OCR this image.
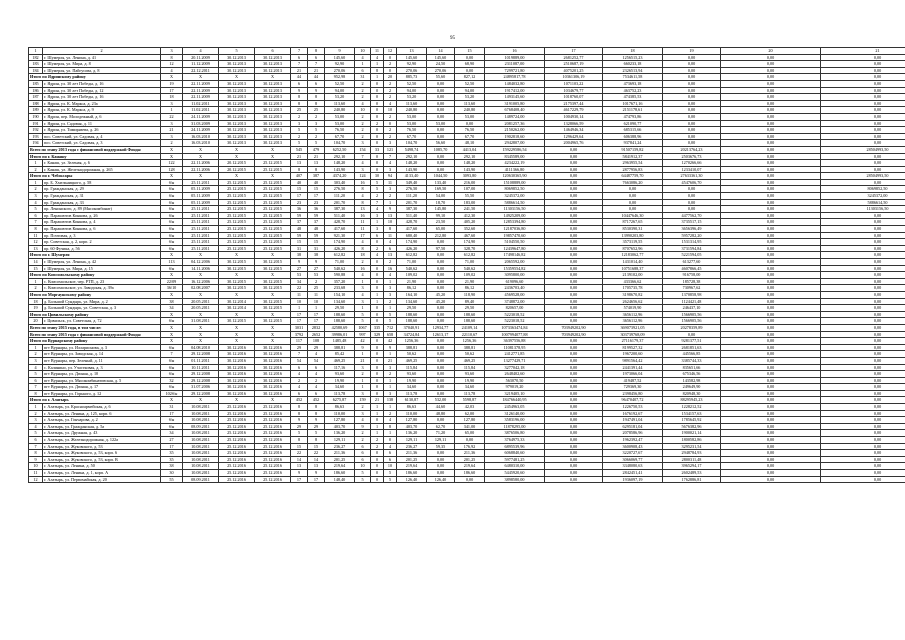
95
1	2	3	4	5	6	7	8	9	10	11	12	13	14	15	16	17	18	19	20	21
182	г. Шумерля, ул. Ленина, д. 41	8	20.11.2009	30.12.2013	30.12.2013	6	6	145,60	4	4	0	145,60	145,60	0,00	1019889,00	2681252,77	1256515,23	0,00	0,00	0,00
183	г. Шумерля, ул. Мира, д. 8	12	11.12.2009	30.12.2013	30.12.2013	7	7	92,90	1	1	2	92,90	24,50	68,90	2311087,00	2510687,19	660233,18	0,00	0,00	0,00
184	г. Шумерля, ул. Пайгусова, д. 8	4	22.12.2011	30.12.2013	30.12.2013	21	21	270,06	6	8	0	270,06	270,06	0,00	7299721,80	4075201,25	2326513,94	0,00	0,00	0,00
Итого по Ядринскому району		X	X	X	X	44	44	952,98	31	1	20	885,73	55,60	827,12	24895817,78	10361306,19	7534611,58	0,00	0,00	0,00
185	г. Ядрин, ул. 30 лет Победы, д. 16	19	22.11.2009	30.12.2013	30.12.2013	6	6	52,50	2	0	2	52,50	0,00	52,50	1484032,80	1071103,22	473693,18	0,00	0,00	0,00
186	г. Ядрин, ул. 30 лет Победы, д. 12	17	22.11.2009	30.12.2013	30.12.2013	9	9	94,00	2	0	2	94,00	0,00	94,00	1917412,00	1034679,77	463752,23	0,00	0,00	0,00
187	г. Ядрин, ул. 30 лет Победы, д. 16	18	22.11.2009	30.12.2013	30.12.2013	8	8	53,20	2	0	2	53,20	0,00	53,20	1493145,60	1018760,07	474385,53	0,00	0,00	0,00
188	г. Ядрин, ул. К. Маркса, д. 23а	3	11.02.2011	30.12.2013	30.12.2013	8	8	113,60	4	0	4	113,60	0,00	113,60	3191005,80	2175397,44	1017671,16	0,00	0,00	0,00
189	г. Ядрин, ул. К. Маркса, д. 9	1	11.02.2011	30.12.2013	30.12.2013	25	25	240,80	10	0	10	240,80	0,00	240,80	6768408,40	4617229,79	2151178,61	0,00	0,00	0,00
190	г. Ядрин, пер. Молодежный, д. 6	22	24.11.2009	30.12.2013	30.12.2013	2	2	53,00	2	0	2	53,00	0,00	53,00	1489724,00	1004930,14	474793,86	0,00	0,00	0,00
191	г. Ядрин, ул. Садовая, д. 11	3	31.03.2009	30.12.2013	30.12.2013	3	3	53,00	2	2	0	53,00	53,00	0,00	2081257,36	1328066,59	621090,77	0,00	0,00	0,00
192	г. Ядрин, ул. Тимирязева, д. 26	21	24.11.2009	30.12.2013	30.12.2013	5	5	76,50	2	0	2	76,50	0,00	76,50	2150262,00	1464946,34	685315,66	0,00	0,00	0,00
193	пос. Советский, ул. Садовая, д. 4	3	16.03.2010	30.12.2013	30.12.2013	2	2	67,70	2	0	2	67,70	0,00	67,70	1902818,60	1296429,64	606388,96	0,00	0,00	0,00
194	пос. Советский, ул. Садовая, д. 3	2	16.03.2010	30.12.2013	30.12.2013	5	5	104,70	3	0	3	104,70	56,60	48,10	2942807,00	2004965,76	937841,24	0,00	0,00	0,00
Всего по этапу 2013 года с финансовой поддержкой Фонда:		X	X	X	X	545	479	6252,50	154	33	121	5498,74	1085,70	4413,04	159229586,54	0,00	91507159,82	20213764,23	0,00	28504993,50
Итого по г. Канашу		X	X	X	X	21	21	292,10	7	0	7	292,10	0,00	292,10	8345589,00	0,00	5841912,37	2503676,73	0,00	0,00
1	г. Канаш, ул. Зеленая, д. 6	122	22.11.2006	20.12.2015	25.12.2015	13	13	148,20	4	0	4	148,20	0,00	148,20	4234222,19	0,00	2963955,54	1270266,66	0,00	0,00
2	г. Канаш, ул. Железнодорожная, д. 265	128	22.11.2006	20.12.2015	25.12.2015	8	8	143,90	3	0	3	143,90	0,00	143,90	4111366,80	0,00	2877956,83	1233410,07	0,00	0,00
Итого по г. Чебоксары		X	X	X	X	407	387	4374,20	124	30	94	4133,40	1044,50	3093,80	120630365,90	0,00	64487759,70	27633361,30	0,00	28504993,50
1	пр. Б. Хмельницкого, д. 58	б/н	25.11.2011	25.12.2015	25.12.2015	40	40	303,40	16	5	11	349,40	133,40	216,00	15108889,00	0,00	7663086,20	4547606,70	0,00	0,00
2	пр. Гражданская, д. 29	б/н	05.11.2009	25.12.2015	25.12.2015	15	15	276,50	8	5	3	276,50	169,50	107,00	8069852,50	0,00	0,00	0,00	0,00	8069852,50
3	пр. Гражданская, д. 31	б/н	05.11.2009	25.12.2015	25.12.2015	17	17	111,20	4	2	2	111,20	54,00	55,50	3245372,00	0,00	0,00	0,00	0,00	3245372,00
4	пр. Гражданская, д. 33	б/н	05.11.2009	25.12.2015	25.12.2015	23	23	201,70	8	7	1	201,70	18,70	183,00	5886614,50	0,00	0,00	0,00	0,00	5886614,50
5	пр. Ленинского, д. 89 (Мясокомбинат)	б/н	25.11.2011	25.12.2015	25.12.2015	36	36	387,30	13	4	9	387,30	145,80	241,50	11303156,50	0,00	0,00	0,00	0,00	11303156,50
6	пр. Парашютов Конкова, д. 26	б/н	25.11.2011	25.12.2015	25.12.2015	59	59	511,40	16	3	13	511,40	99,10	412,30	14925209,00	0,00	10447646,30	4477562,70	0,00	0,00
7	пр. Парашютов Конкова, д. 4	б/н	25.11.2011	25.12.2015	25.12.2015	37	37	428,70	11	1	10	428,70	23,50	405,20	12853394,80	0,00	8717267,65	3735517,15	0,00	0,00
8	пр. Парашютов Конкова, д. 6	б/н	25.11.2011	25.12.2015	25.12.2015	48	48	417,60	11	3	8	417,60	65,00	352,60	12187036,80	0,00	8530390,31	3656396,49	0,00	0,00
11	пр. Почтовая, д. 3	б/н	25.11.2011	25.12.2015	25.12.2015	59	59	921,30	17	6	11	680,40	212,80	467,60	19857470,60	0,00	13990203,80	5957282,20	0,00	0,00
12	пр. Советская, д. 2, корп. 2	б/н	25.11.2011	25.12.2015	25.12.2015	15	15	174,90	4	0	4	174,90	0,00	174,90	5104550,50	0,00	3573119,55	1531314,95	0,00	0,00
13	пр. 60 Фучика, д. 56	б/н	25.11.2011	25.12.2015	25.12.2015	31	31	426,20	8	2	6	426,20	97,50	328,70	12439647,80	0,00	8707652,96	3731594,84	0,00	0,00
Итого по г. Шумерля		X	X	X	X	38	38	612,82	18	4	13	612,82	0,00	612,82	17498146,82	0,00	12183062,77	5221594,05	0,00	0,00
14	г. Шумерля, ул. Ленина, д. 42	113	04.12.2006	30.12.2015	30.12.2015	9	9	71,00	2	0	2	71,00	0,00	71,00	2065592,00	0,00	1431014,40	613277,60	0,00	0,00
15	г. Шумерля, ул. Мира, д. 15	б/н	14.11.2006	30.12.2015	30.12.2015	27	27	540,62	16	0	16	540,62	0,00	540,62	15359554,82	0,00	10751688,37	4607866,45	0,00	0,00
Итого по Комсомольскому району		X	X	X	X	53	53	590,88	4	0	4	109,02	0,00	109,02	3095800,00	0,00	2139102,00	916758,00	0,00	0,00
1	с. Комсомольское, чер. РТП, д. 23	22/09	16.12.2006	30.12.2015	30.12.2015	34	2	357,20	1	0	1	21,90	0,00	21,90	619096,60	0,00	433366,62	185728,38	0,00	0,00
2	с. Комсомольское, ул. Заводская, д. 39а	36/10	02.08.2007	30.12.2015	30.12.2015	22	25	233,68	3	0	3	86,12	0,00	86,12	2436703,40	0,00	1705735,78	730967,62	0,00	0,00
Итого по Моргаушскому району		X	X	X	X	11	11	154,10	4	1	3	164,10	45,20	118,90	4569528,00	0,00	3198670,82	1370858,98	0,00	0,00
18	д. Большой Сундырь, ул. Мира, д. 2	38	20.05.2011	30.12.2014	30.12.2015	10	10	134,60	3	1	2	134,60	45,20	89,40	3748872,00	0,00	2624656,62	1124421,48	0,00	0,00
19	д. Большой Сундырь, ул. Советская, д. 3	34	20.05.2011	30.12.2014	30.12.2015	1	1	29,50	1	0	1	29,50	0,00	29,50	820657,00	0,00	574019,90	246437,10	0,00	0,00
Итого по Цивильскому району		X	X	X	X	17	17	188,60	5	0	5	188,60	0,00	188,60	5223018,52	0,00	3656112,96	1566905,56	0,00	0,00
20	г. Цивильск, ул. Советская, д. 72	б/н	31.08.2011	30.12.2015	30.12.2015	17	17	188,60	5	0	5	188,60	0,00	188,60	5223018,52	0,00	3656112,96	1566905,56	0,00	0,00
Всего по этапу 2015 года, в том числе:		X	X	X	X	3031	2832	42580,69	1067	335	712	37040,91	12934,77	24109,14	1073363474,84	703949202,90	369073921,05	20278359,89	0,00	0,00
Всего по этапу 2015 года с финансовой поддержкой Фонда:		X	X	X	X	3792	2652	39986,01	997	329	658	34724,84	12613,17	22110,67	1007994077,88	703949202,90	303739768,09	0,00	0,00	0,00
Итого по Вурнарскому району		X	X	X	X	117	108	1485,48	42	0	42	1256,36	0,00	1256,36	36397556,88	0,00	27116179,37	9281377,51	0,00	0,00
1	пгт Вурнары, ул. Илларионова, д. 3	б/н	04.08.2010	30.12.2016	30.12.2016	29	29	388,81	9	0	9	388,81	0,00	388,81	11081378,95	0,00	8199527,32	2681851,63	0,00	0,00
2	пгт Вурнары, ул. Заводская, д. 14	7	29.12.2008	30.12.2016	30.12.2016	7	4	85,42	1	0	1	50,62	0,00	50,62	2412771,85	0,00	1967200,60	445566,85	0,00	0,00
3	пгт Вурнары, пер. Зеленый, д. 11	б/н	01.11.2011	30.12.2016	30.12.2016	54	54	469,25	21	0	21	469,25	0,00	469,25	13277429,71	0,00	9891564,42	3385744,33	0,00	0,00
4	с. Калинино, ул. Участковая, д. 3	б/н	10.11.2011	30.12.2016	30.12.2016	6	6	117,16	3	0	3	115,84	0,00	115,84	3277042,18	0,00	2441391,44	835651,66	0,00	0,00
5	пгт Вурнары, ул. Дачная, д. 10	б/н	29.12.2008	30.12.2016	30.12.2016	4	4	93,60	2	0	2	93,60	0,00	93,60	2648402,60	0,00	1973066,04	675346,56	0,00	0,00
6	пгт Вурнары, ул. Мясокомбинатовская, д. 5	32	29.12.2008	30.12.2016	30.12.2016	2	2	19,90	1	0	1	19,90	0,00	19,90	563070,50	0,00	419487,52	143582,98	0,00	0,00
7	пгт Вурнары, ул. Дачная, д. 17	б/н	31.07.2006	30.12.2016	30.12.2016	4	4	34,60	1	0	1	34,60	0,00	34,60	979019,20	0,00	729369,30	249649,90	0,00	0,00
8	пгт Вурнары, ул. Горького, д. 12	102б/н	29.12.2008	30.12.2016	30.12.2016	6	6	113,78	3	0	3	113,78	0,00	113,78	3219405,10	0,00	2398456,80	820948,30	0,00	0,00
Итого по г. Алатырь		X	X	X	X	452	452	6275,87	159	21	138	6130,87	532,00	5598,87	184766440,95	0,00	96470407,72	88295945,23	0,00	0,00
1	г. Алатырь, ул. Красноармейская, д. 6	31	10.08.2011	25.12.2016	25.12.2016	8	8	86,63	2	1	1	86,63	44,60	42,03	2454963,05	0,00	1226750,53	1228212,52	0,00	0,00
2	г. Алатырь, ул. Ленина, д. 125, корп. 6	17	10.08.2011	25.12.2016	25.12.2016	8	8	110,00	3	1	2	110,00	48,80	62,00	3126140,00	0,00	1676192,67	1534157,63	0,00	0,00
3	г. Алатырь, ул. Гончарова, д. 2	б/н	10.08.2011	25.12.2016	25.12.2016	9	9	127,80	4	0	4	127,80	0,00	127,80	3583196,00	0,00	1947491,04	1785645,92	0,00	0,00
4	г. Алатырь, ул. Гражданская, д. 5а	б/н	08.09.2011	25.12.2016	25.12.2016	29	29	403,70	9	1	8	403,70	62,70	341,00	11878295,00	0,00	6295181,04	5676382,96	0,00	0,00
5	г. Алатырь, ул. Дружная, д. 43	34	10.08.2011	25.12.2016	25.12.2016	5	5	136,20	2	1	1	136,20	71,20	65,00	3876506,80	0,00	2078586,96	1900021,14	0,00	0,00
6	г. Алатырь, ул. Железнодорожная, д. 122а	27	10.08.2011	25.12.2016	25.12.2016	8	8	129,11	2	2	0	129,11	129,11	0,00	3764975,33	0,00	1962392,47	1800582,86	0,00	0,00
7	г. Алатырь, ул. Жуковского, д. 53	17	10.08.2011	25.12.2016	25.12.2016	15	15	236,27	6	2	4	236,27	59,35	176,92	6895539,96	0,00	3600908,43	3295231,54	0,00	0,00
8	г. Алатырь, ул. Жуковского, д. 53, корп. 6	35	10.08.2011	25.12.2016	25.12.2016	22	22	211,36	6	0	6	211,36	0,00	211,36	6068840,60	0,00	3220727,67	2948784,93	0,00	0,00
9	г. Алатырь, ул. Жуковского, д. 53, корп. В	35	10.08.2011	25.12.2016	25.12.2016	14	14	201,25	6	0	6	201,25	0,00	201,25	5977481,25	0,00	3066069,77	2800311,48	0,00	0,00
10	г. Алатырь, ул. Ленина, д. 50	38	10.08.2011	25.12.2016	25.12.2016	13	13	219,64	10	0	10	219,64	0,00	219,64	6480310,00	0,00	3348080,63	3965294,17	0,00	0,00
11	г. Алатырь, ул. Ленина, д. 1, корп. А	30	10.08.2011	25.12.2016	25.12.2016	9	9	186,60	5	0	5	186,60	0,00	186,60	5445920,60	0,00	2842451,41	2602489,53	0,00	0,00
12	г. Алатырь, ул. Первомайская, д. 20	55	08.09.2011	25.12.2016	25.12.2016	17	17	148,40	5	0	5	126,40	126,40	0,00	3898580,00	0,00	1936097,19	1762886,81	0,00	0,00
